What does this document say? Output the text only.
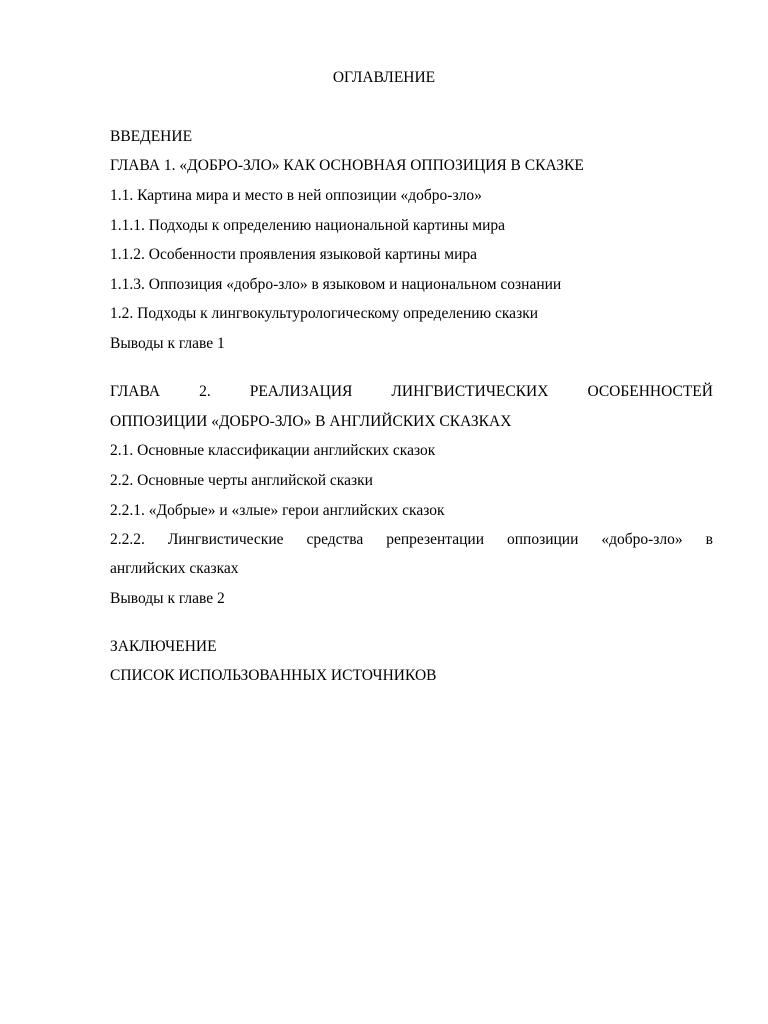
ОГЛАВЛЕНИЕ
ВВЕДЕНИЕ
ГЛАВА 1. «ДОБРО-ЗЛО» КАК ОСНОВНАЯ ОППОЗИЦИЯ В СКАЗКЕ
1.1. Картина мира и место в ней оппозиции «добро-зло»
1.1.1. Подходы к определению национальной картины мира
1.1.2. Особенности проявления языковой картины мира
1.1.3. Оппозиция «добро-зло» в языковом и национальном сознании
1.2. Подходы к лингвокультурологическому определению сказки
Выводы к главе 1
ГЛАВА	2.	РЕАЛИЗАЦИЯ	ЛИНГВИСТИЧЕСКИХ	ОСОБЕННОСТЕЙ
ОППОЗИЦИИ «ДОБРО-ЗЛО» В АНГЛИЙСКИХ СКАЗКАХ
2.1. Основные классификации английских сказок
2.2. Основные черты английской сказки
2.2.1. «Добрые» и «злые» герои английских сказок
2.2.2. Лингвистические средства репрезентации оппозиции «добро-зло» в
английских сказках
Выводы к главе 2
ЗАКЛЮЧЕНИЕ
СПИСОК ИСПОЛЬЗОВАННЫХ ИСТОЧНИКОВ
